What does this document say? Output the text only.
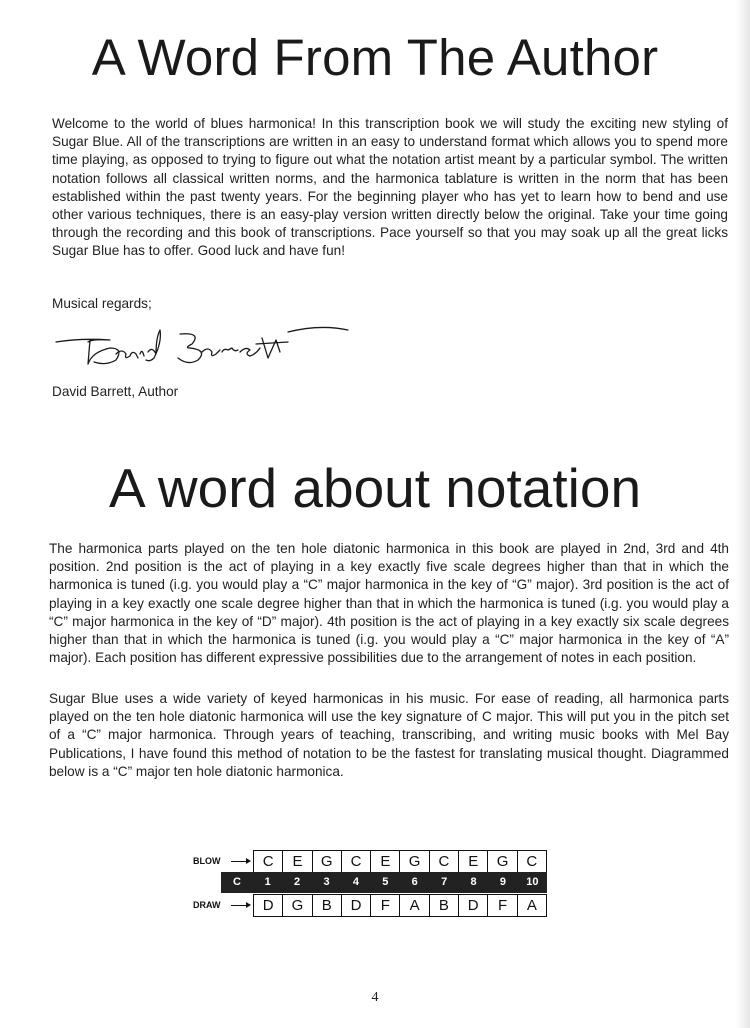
A Word From The Author

Welcome to the world of blues harmonica! In this transcription book we will study the exciting new styling of Sugar Blue. All of the transcriptions are written in an easy to understand format which allows you to spend more time playing, as opposed to trying to figure out what the notation artist meant by a particular symbol. The written notation follows all classical written norms, and the harmonica tablature is written in the norm that has been established within the past twenty years. For the beginning player who has yet to learn how to bend and use other various techniques, there is an easy-play version written directly below the original. Take your time going through the recording and this book of transcriptions. Pace yourself so that you may soak up all the great licks Sugar Blue has to offer. Good luck and have fun!

Musical regards;

David Barrett, Author

A word about notation

The harmonica parts played on the ten hole diatonic harmonica in this book are played in 2nd, 3rd and 4th position. 2nd position is the act of playing in a key exactly five scale degrees higher than that in which the harmonica is tuned (i.g. you would play a “C” major harmonica in the key of “G” major). 3rd position is the act of playing in a key exactly one scale degree higher than that in which the harmonica is tuned (i.g. you would play a “C” major harmonica in the key of “D” major). 4th position is the act of playing in a key exactly six scale degrees higher than that in which the harmonica is tuned (i.g. you would play a “C” major harmonica in the key of “A” major). Each position has different expressive possibilities due to the arrangement of notes in each position.

Sugar Blue uses a wide variety of keyed harmonicas in his music. For ease of reading, all harmonica parts played on the ten hole diatonic harmonica will use the key signature of C major. This will put you in the pitch set of a “C” major harmonica. Through years of teaching, transcribing, and writing music books with Mel Bay Publications, I have found this method of notation to be the fastest for translating musical thought. Diagrammed below is a “C” major ten hole diatonic harmonica.

BLOW	C	E	G	C	E	G	C	E	G	C
C	1	2	3	4	5	6	7	8	9	10
DRAW	D	G	B	D	F	A	B	D	F	A

4
